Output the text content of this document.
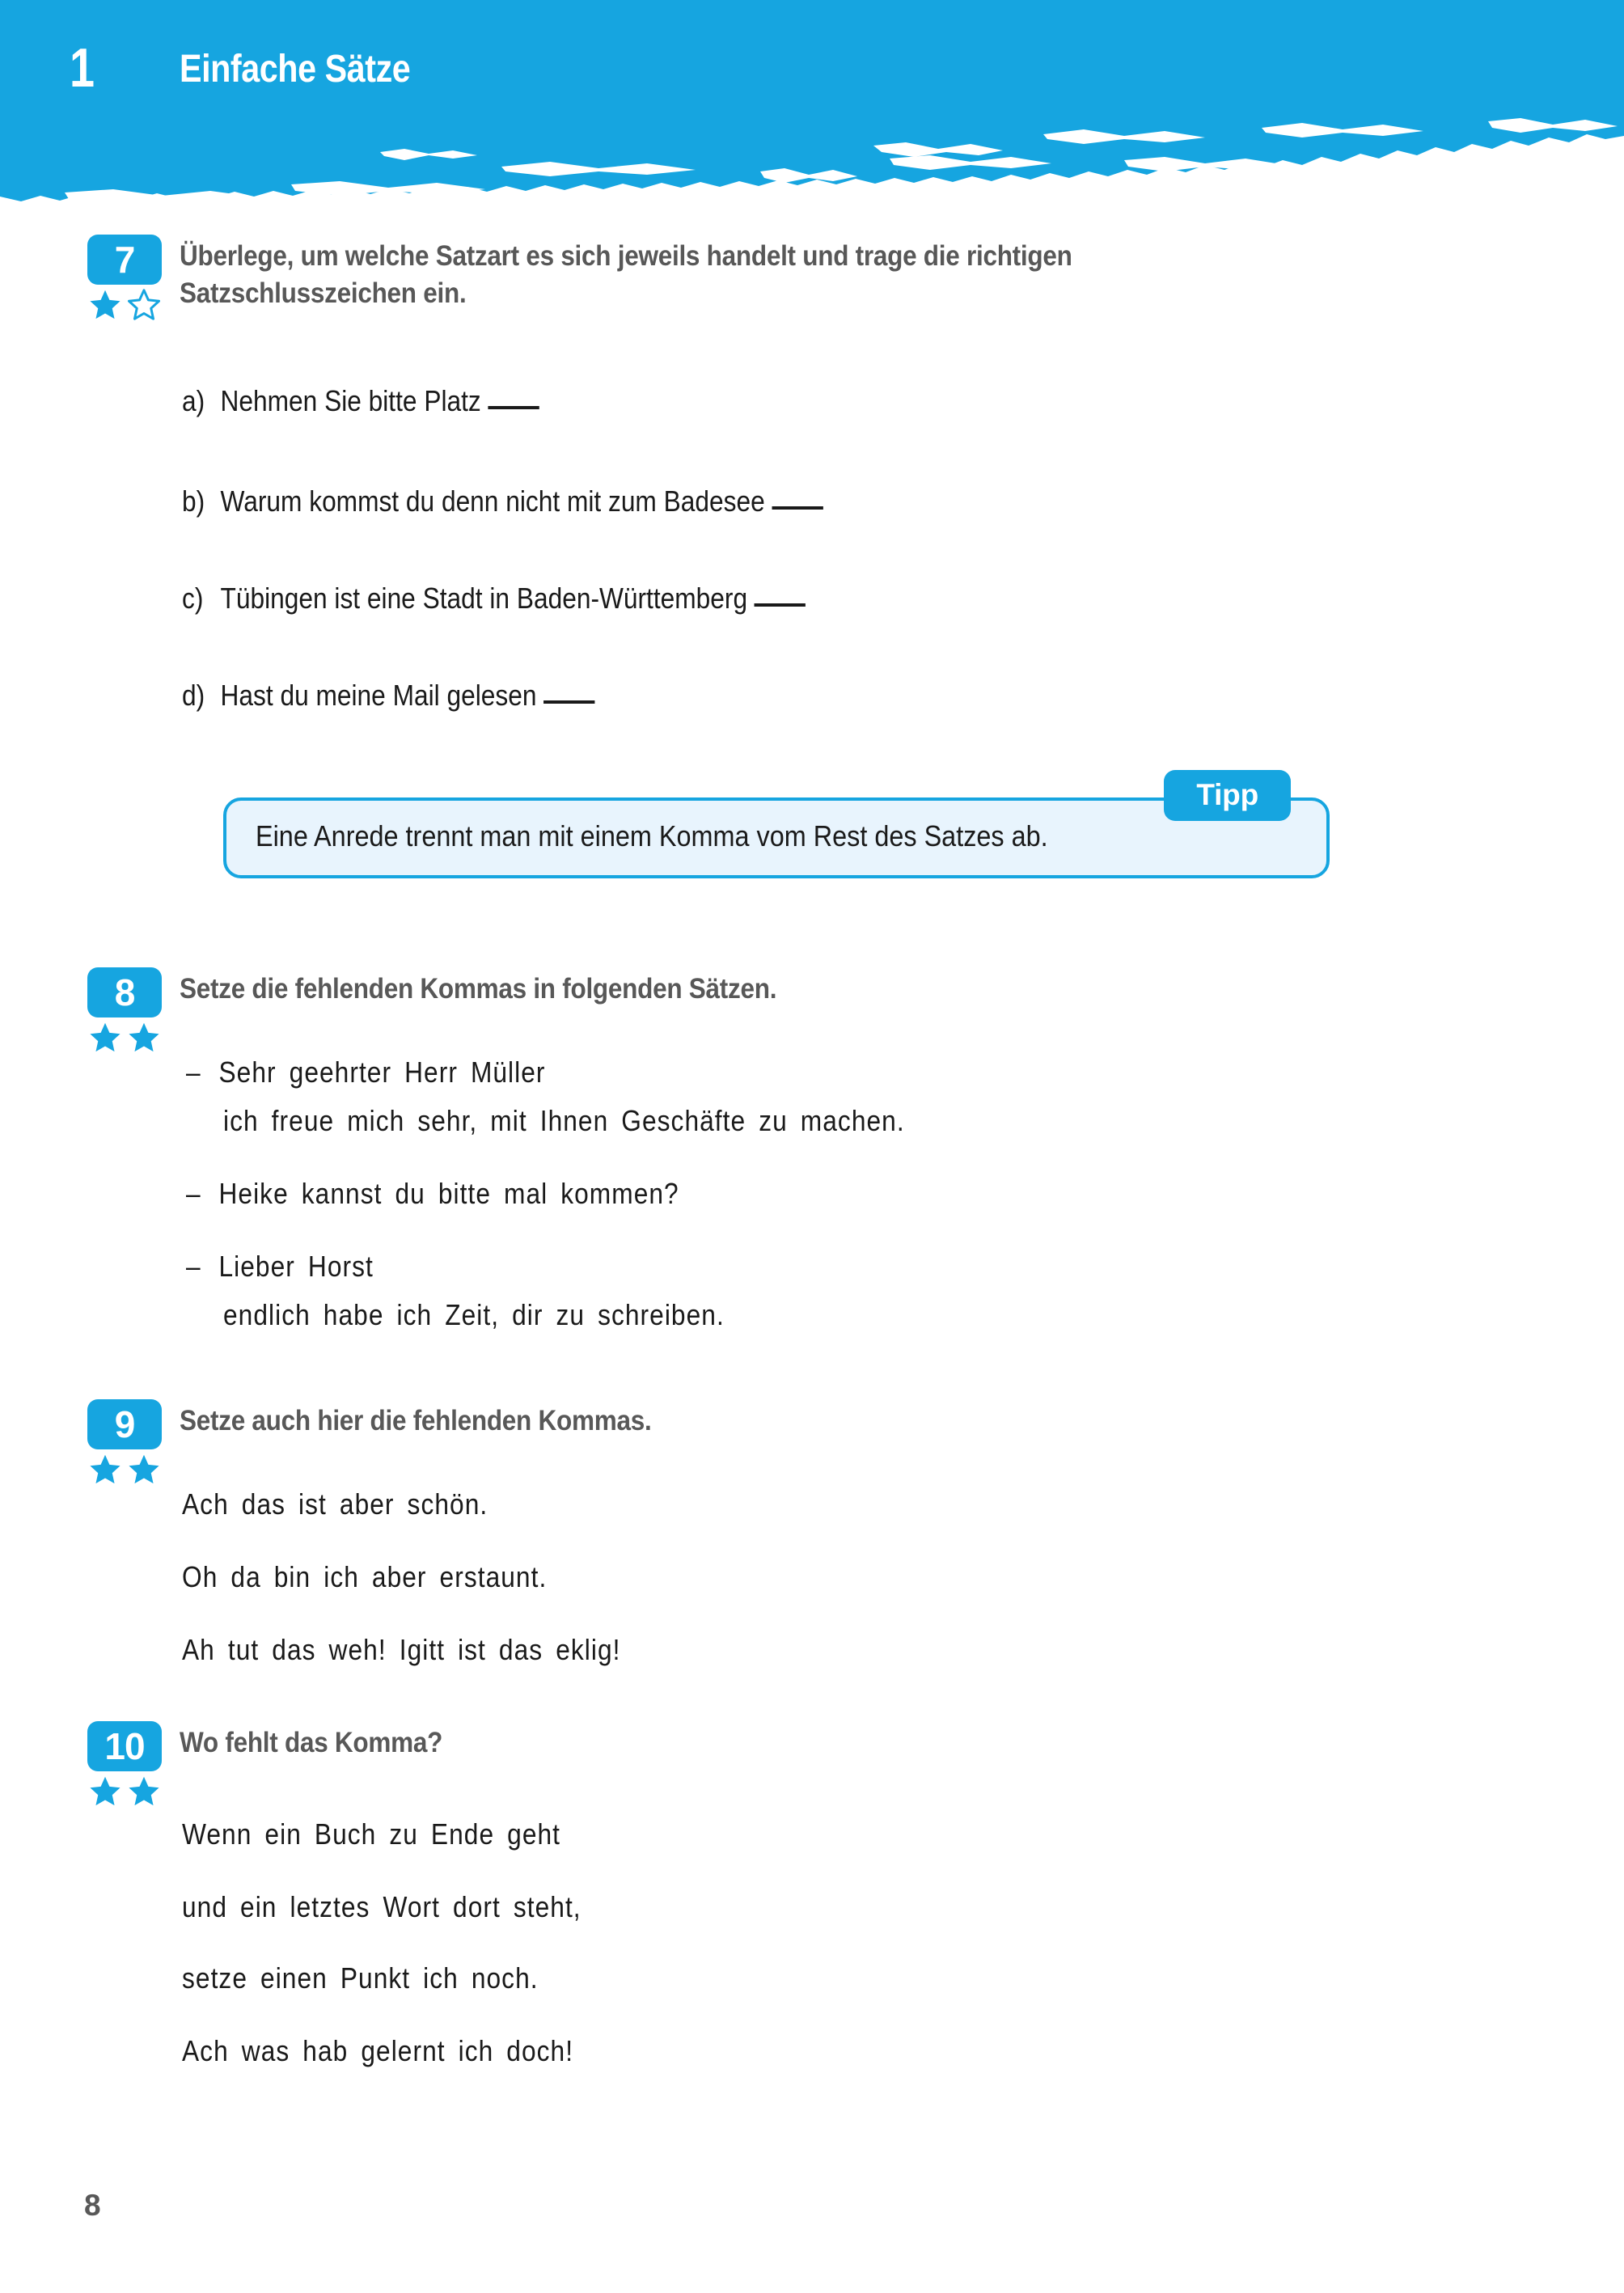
1 Einfache Sätze
7
	Überlege, um welche Satzart es sich jeweils handelt und trage die richtigen
Satzschlusszeichen ein.
a) Nehmen Sie bitte Platz
b) Warum kommst du denn nicht mit zum Badesee
c) Tübingen ist eine Stadt in Baden-Württemberg
d) Hast du meine Mail gelesen
Tipp
Eine Anrede trennt man mit einem Komma vom Rest des Satzes ab.
8
	Setze die fehlenden Kommas in folgenden Sätzen.
– Sehr geehrter Herr Müller
ich freue mich sehr, mit Ihnen Geschäfte zu machen.
– Heike kannst du bitte mal kommen?
– Lieber Horst
endlich habe ich Zeit, dir zu schreiben.
9
	Setze auch hier die fehlenden Kommas.
Ach das ist aber schön.
Oh da bin ich aber erstaunt.
Ah tut das weh! Igitt ist das eklig!
10
	Wo fehlt das Komma?
Wenn ein Buch zu Ende geht
und ein letztes Wort dort steht,
setze einen Punkt ich noch.
Ach was hab gelernt ich doch!
8
